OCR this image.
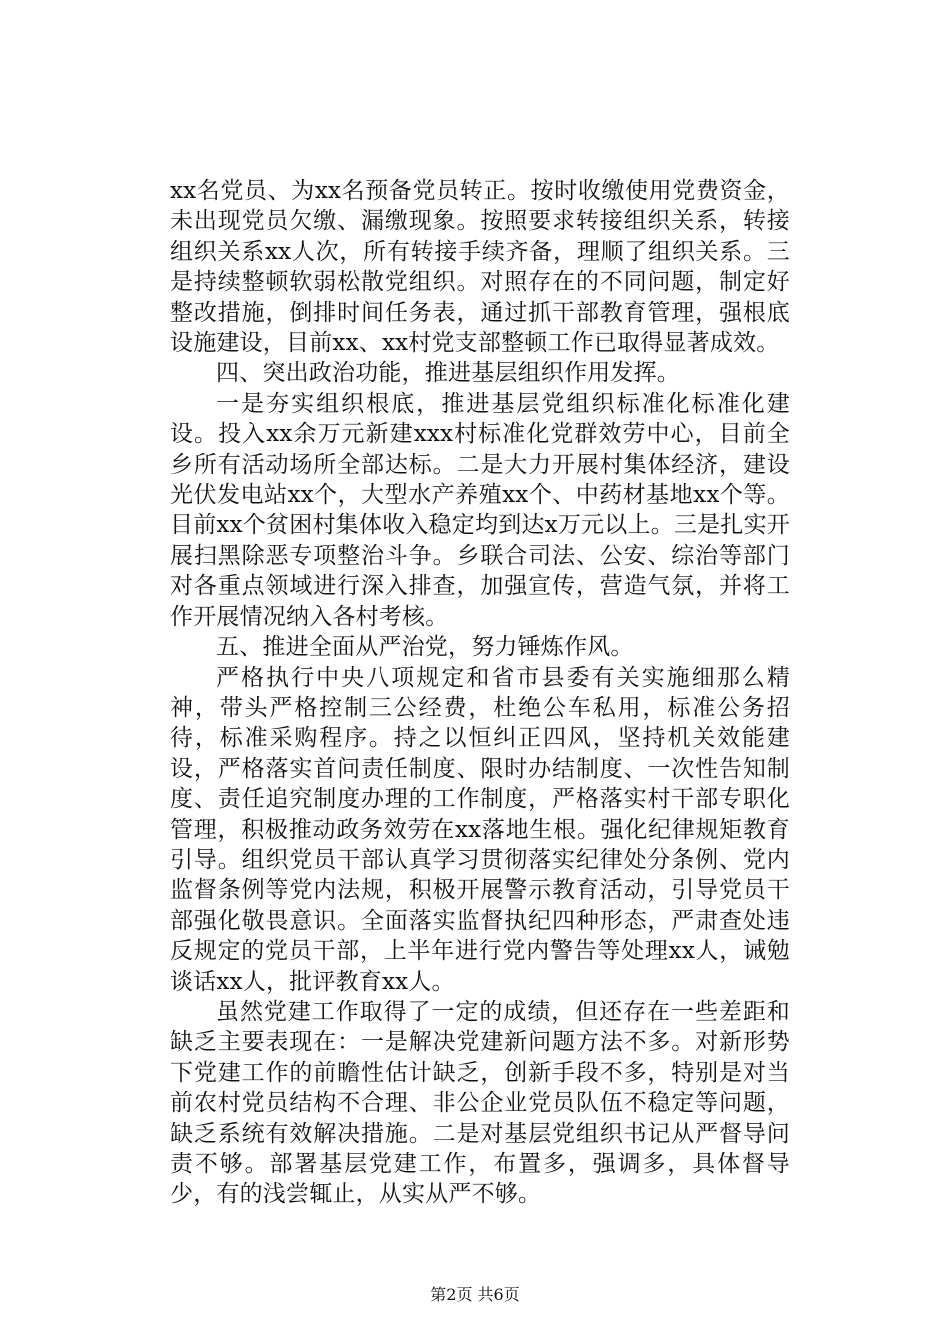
xx名党员、为xx名预备党员转正。按时收缴使用党费资金，未出现党员欠缴、漏缴现象。按照要求转接组织关系，转接组织关系xx人次，所有转接手续齐备，理顺了组织关系。三是持续整顿软弱松散党组织。对照存在的不同问题，制定好整改措施，倒排时间任务表，通过抓干部教育管理，强根底设施建设，目前xx、xx村党支部整顿工作已取得显著成效。

四、突出政治功能，推进基层组织作用发挥。

一是夯实组织根底，推进基层党组织标准化标准化建设。投入xx余万元新建xxx村标准化党群效劳中心，目前全乡所有活动场所全部达标。二是大力开展村集体经济，建设光伏发电站xx个，大型水产养殖xx个、中药材基地xx个等。目前xx个贫困村集体收入稳定均到达x万元以上。三是扎实开展扫黑除恶专项整治斗争。乡联合司法、公安、综治等部门对各重点领域进行深入排查，加强宣传，营造气氛，并将工作开展情况纳入各村考核。

五、推进全面从严治党，努力锤炼作风。

严格执行中央八项规定和省市县委有关实施细那么精神，带头严格控制三公经费，杜绝公车私用，标准公务招待，标准采购程序。持之以恒纠正四风，坚持机关效能建设，严格落实首问责任制度、限时办结制度、一次性告知制度、责任追究制度办理的工作制度，严格落实村干部专职化管理，积极推动政务效劳在xx落地生根。强化纪律规矩教育引导。组织党员干部认真学习贯彻落实纪律处分条例、党内监督条例等党内法规，积极开展警示教育活动，引导党员干部强化敬畏意识。全面落实监督执纪四种形态，严肃查处违反规定的党员干部，上半年进行党内警告等处理xx人，诫勉谈话xx人，批评教育xx人。

虽然党建工作取得了一定的成绩，但还存在一些差距和缺乏主要表现在：一是解决党建新问题方法不多。对新形势下党建工作的前瞻性估计缺乏，创新手段不多，特别是对当前农村党员结构不合理、非公企业党员队伍不稳定等问题，缺乏系统有效解决措施。二是对基层党组织书记从严督导问责不够。部署基层党建工作，布置多，强调多，具体督导少，有的浅尝辄止，从实从严不够。

第2页 共6页
